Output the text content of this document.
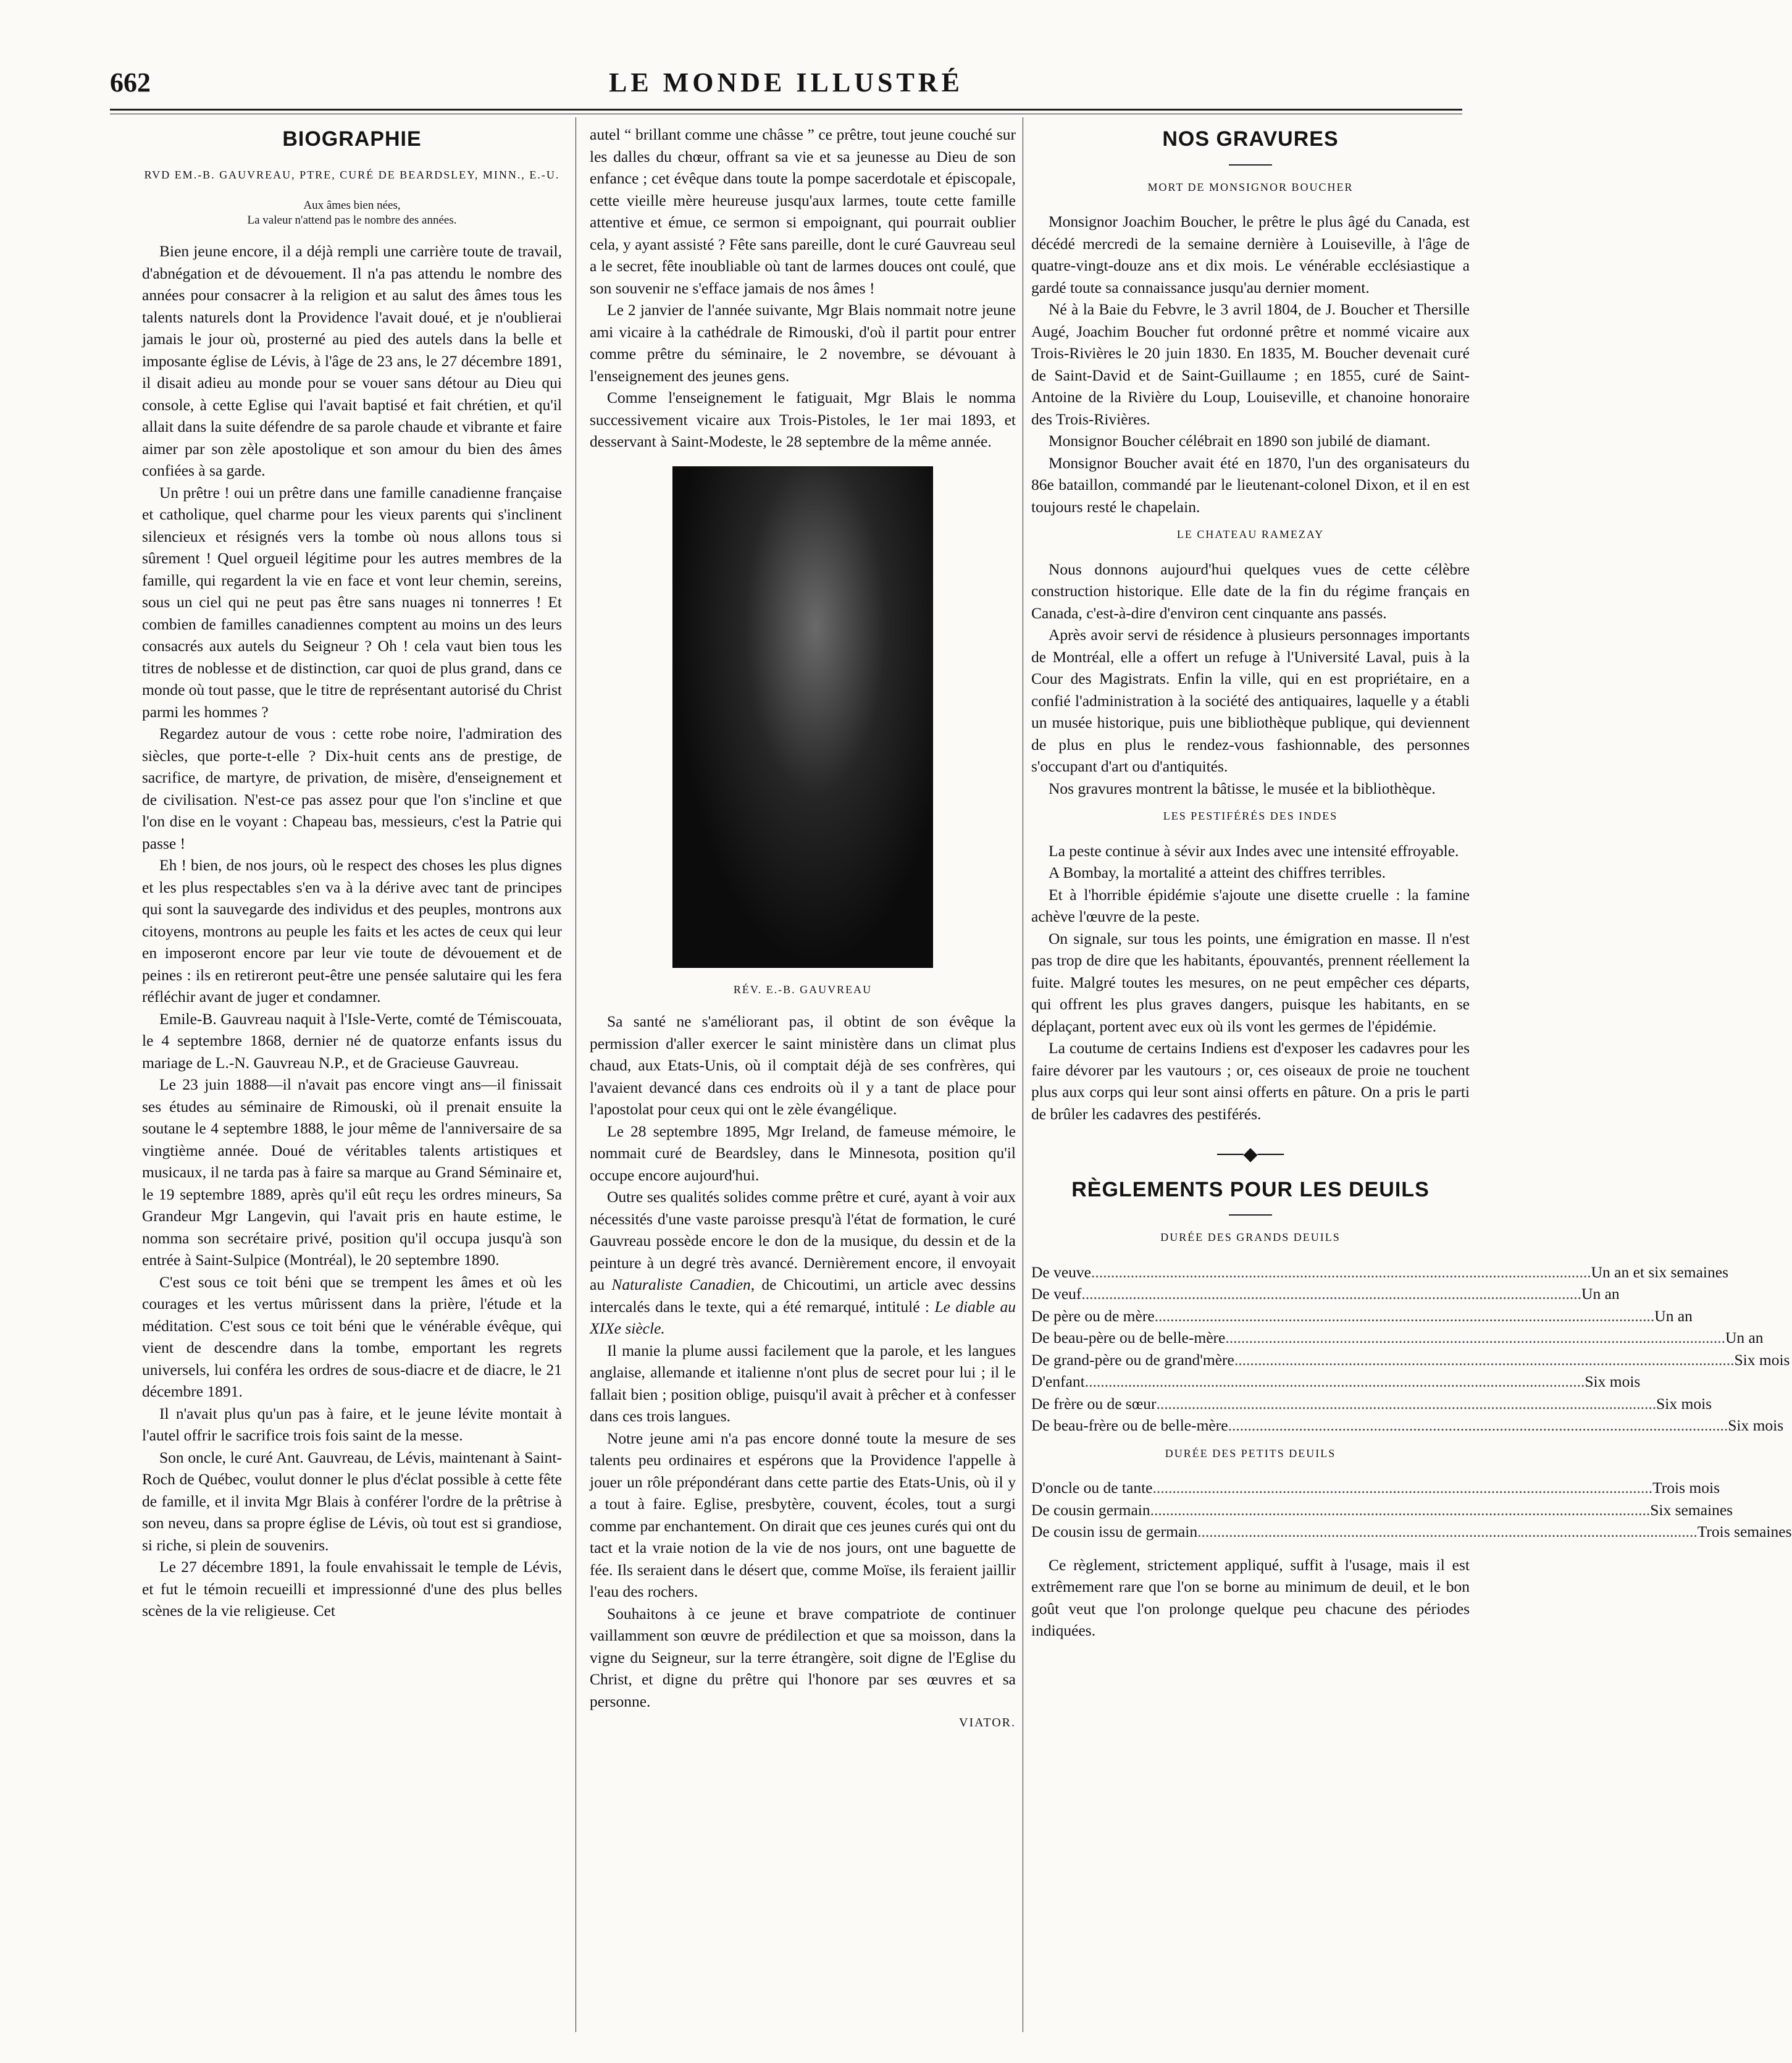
662	LE MONDE ILLUSTRÉ
BIOGRAPHIE
RVD EM.-B. GAUVREAU, PTRE, CURÉ DE BEARDSLEY, MINN., E.-U.
Aux âmes bien nées,
La valeur n'attend pas le nombre des années.

Bien jeune encore, il a déjà rempli une carrière toute de travail, d'abnégation et de dévouement. Il n'a pas attendu le nombre des années pour consacrer à la religion et au salut des âmes tous les talents naturels dont la Providence l'avait doué, et je n'oublierai jamais le jour où, prosterné au pied des autels dans la belle et imposante église de Lévis, à l'âge de 23 ans, le 27 décembre 1891, il disait adieu au monde pour se vouer sans détour au Dieu qui console, à cette Eglise qui l'avait baptisé et fait chrétien, et qu'il allait dans la suite défendre de sa parole chaude et vibrante et faire aimer par son zèle apostolique et son amour du bien des âmes confiées à sa garde.

Un prêtre ! oui un prêtre dans une famille canadienne française et catholique, quel charme pour les vieux parents qui s'inclinent silencieux et résignés vers la tombe où nous allons tous si sûrement ! Quel orgueil légitime pour les autres membres de la famille, qui regardent la vie en face et vont leur chemin, sereins, sous un ciel qui ne peut pas être sans nuages ni tonnerres ! Et combien de familles canadiennes comptent au moins un des leurs consacrés aux autels du Seigneur ? Oh ! cela vaut bien tous les titres de noblesse et de distinction, car quoi de plus grand, dans ce monde où tout passe, que le titre de représentant autorisé du Christ parmi les hommes ?

Regardez autour de vous : cette robe noire, l'admiration des siècles, que porte-t-elle ? Dix-huit cents ans de prestige, de sacrifice, de martyre, de privation, de misère, d'enseignement et de civilisation. N'est-ce pas assez pour que l'on s'incline et que l'on dise en le voyant : Chapeau bas, messieurs, c'est la Patrie qui passe !

Eh ! bien, de nos jours, où le respect des choses les plus dignes et les plus respectables s'en va à la dérive avec tant de principes qui sont la sauvegarde des individus et des peuples, montrons aux citoyens, montrons au peuple les faits et les actes de ceux qui leur en imposeront encore par leur vie toute de dévouement et de peines : ils en retireront peut-être une pensée salutaire qui les fera réfléchir avant de juger et condamner.

Emile-B. Gauvreau naquit à l'Isle-Verte, comté de Témiscouata, le 4 septembre 1868, dernier né de quatorze enfants issus du mariage de L.-N. Gauvreau N.P., et de Gracieuse Gauvreau.

Le 23 juin 1888—il n'avait pas encore vingt ans—il finissait ses études au séminaire de Rimouski, où il prenait ensuite la soutane le 4 septembre 1888, le jour même de l'anniversaire de sa vingtième année. Doué de véritables talents artistiques et musicaux, il ne tarda pas à faire sa marque au Grand Séminaire et, le 19 septembre 1889, après qu'il eût reçu les ordres mineurs, Sa Grandeur Mgr Langevin, qui l'avait pris en haute estime, le nomma son secrétaire privé, position qu'il occupa jusqu'à son entrée à Saint-Sulpice (Montréal), le 20 septembre 1890.

C'est sous ce toit béni que se trempent les âmes et où les courages et les vertus mûrissent dans la prière, l'étude et la méditation. C'est sous ce toit béni que le vénérable évêque, qui vient de descendre dans la tombe, emportant les regrets universels, lui conféra les ordres de sous-diacre et de diacre, le 21 décembre 1891.

Il n'avait plus qu'un pas à faire, et le jeune lévite montait à l'autel offrir le sacrifice trois fois saint de la messe.

Son oncle, le curé Ant. Gauvreau, de Lévis, maintenant à Saint-Roch de Québec, voulut donner le plus d'éclat possible à cette fête de famille, et il invita Mgr Blais à conférer l'ordre de la prêtrise à son neveu, dans sa propre église de Lévis, où tout est si grandiose, si riche, si plein de souvenirs.

Le 27 décembre 1891, la foule envahissait le temple de Lévis, et fut le témoin recueilli et impressionné d'une des plus belles scènes de la vie religieuse. Cet

autel “ brillant comme une châsse ” ce prêtre, tout jeune couché sur les dalles du chœur, offrant sa vie et sa jeunesse au Dieu de son enfance ; cet évêque dans toute la pompe sacerdotale et épiscopale, cette vieille mère heureuse jusqu'aux larmes, toute cette famille attentive et émue, ce sermon si empoignant, qui pourrait oublier cela, y ayant assisté ? Fête sans pareille, dont le curé Gauvreau seul a le secret, fête inoubliable où tant de larmes douces ont coulé, que son souvenir ne s'efface jamais de nos âmes !

Le 2 janvier de l'année suivante, Mgr Blais nommait notre jeune ami vicaire à la cathédrale de Rimouski, d'où il partit pour entrer comme prêtre du séminaire, le 2 novembre, se dévouant à l'enseignement des jeunes gens.

Comme l'enseignement le fatiguait, Mgr Blais le nomma successivement vicaire aux Trois-Pistoles, le 1er mai 1893, et desservant à Saint-Modeste, le 28 septembre de la même année.

RÉV. E.-B. GAUVREAU

Sa santé ne s'améliorant pas, il obtint de son évêque la permission d'aller exercer le saint ministère dans un climat plus chaud, aux Etats-Unis, où il comptait déjà de ses confrères, qui l'avaient devancé dans ces endroits où il y a tant de place pour l'apostolat pour ceux qui ont le zèle évangélique.

Le 28 septembre 1895, Mgr Ireland, de fameuse mémoire, le nommait curé de Beardsley, dans le Minnesota, position qu'il occupe encore aujourd'hui.

Outre ses qualités solides comme prêtre et curé, ayant à voir aux nécessités d'une vaste paroisse presqu'à l'état de formation, le curé Gauvreau possède encore le don de la musique, du dessin et de la peinture à un degré très avancé. Dernièrement encore, il envoyait au Naturaliste Canadien, de Chicoutimi, un article avec dessins intercalés dans le texte, qui a été remarqué, intitulé : Le diable au XIXe siècle.

Il manie la plume aussi facilement que la parole, et les langues anglaise, allemande et italienne n'ont plus de secret pour lui ; il le fallait bien ; position oblige, puisqu'il avait à prêcher et à confesser dans ces trois langues.

Notre jeune ami n'a pas encore donné toute la mesure de ses talents peu ordinaires et espérons que la Providence l'appelle à jouer un rôle prépondérant dans cette partie des Etats-Unis, où il y a tout à faire. Eglise, presbytère, couvent, écoles, tout a surgi comme par enchantement. On dirait que ces jeunes curés qui ont du tact et la vraie notion de la vie de nos jours, ont une baguette de fée. Ils seraient dans le désert que, comme Moïse, ils feraient jaillir l'eau des rochers.

Souhaitons à ce jeune et brave compatriote de continuer vaillamment son œuvre de prédilection et que sa moisson, dans la vigne du Seigneur, sur la terre étrangère, soit digne de l'Eglise du Christ, et digne du prêtre qui l'honore par ses œuvres et sa personne.

VIATOR.
NOS GRAVURES
MORT DE MONSIGNOR BOUCHER

Monsignor Joachim Boucher, le prêtre le plus âgé du Canada, est décédé mercredi de la semaine dernière à Louiseville, à l'âge de quatre-vingt-douze ans et dix mois. Le vénérable ecclésiastique a gardé toute sa connaissance jusqu'au dernier moment.

Né à la Baie du Febvre, le 3 avril 1804, de J. Boucher et Thersille Augé, Joachim Boucher fut ordonné prêtre et nommé vicaire aux Trois-Rivières le 20 juin 1830. En 1835, M. Boucher devenait curé de Saint-David et de Saint-Guillaume ; en 1855, curé de Saint-Antoine de la Rivière du Loup, Louiseville, et chanoine honoraire des Trois-Rivières.

Monsignor Boucher célébrait en 1890 son jubilé de diamant.

Monsignor Boucher avait été en 1870, l'un des organisateurs du 86e bataillon, commandé par le lieutenant-colonel Dixon, et il en est toujours resté le chapelain.

LE CHATEAU RAMEZAY

Nous donnons aujourd'hui quelques vues de cette célèbre construction historique. Elle date de la fin du régime français en Canada, c'est-à-dire d'environ cent cinquante ans passés.

Après avoir servi de résidence à plusieurs personnages importants de Montréal, elle a offert un refuge à l'Université Laval, puis à la Cour des Magistrats. Enfin la ville, qui en est propriétaire, en a confié l'administration à la société des antiquaires, laquelle y a établi un musée historique, puis une bibliothèque publique, qui deviennent de plus en plus le rendez-vous fashionnable, des personnes s'occupant d'art ou d'antiquités.

Nos gravures montrent la bâtisse, le musée et la bibliothèque.

LES PESTIFÉRÉS DES INDES

La peste continue à sévir aux Indes avec une intensité effroyable.

A Bombay, la mortalité a atteint des chiffres terribles.

Et à l'horrible épidémie s'ajoute une disette cruelle : la famine achève l'œuvre de la peste.

On signale, sur tous les points, une émigration en masse. Il n'est pas trop de dire que les habitants, épouvantés, prennent réellement la fuite. Malgré toutes les mesures, on ne peut empêcher ces départs, qui offrent les plus graves dangers, puisque les habitants, en se déplaçant, portent avec eux où ils vont les germes de l'épidémie.

La coutume de certains Indiens est d'exposer les cadavres pour les faire dévorer par les vautours ; or, ces oiseaux de proie ne touchent plus aux corps qui leur sont ainsi offerts en pâture. On a pris le parti de brûler les cadavres des pestiférés.

──◆──
RÈGLEMENTS POUR LES DEUILS
DURÉE DES GRANDS DEUILS
De veuve .....	Un an et six semaines
De veuf .....	Un an
De père ou de mère .....	Un an
De beau-père ou de belle-mère .....	Un an
De grand-père ou de grand'mère .....	Six mois
D'enfant .....	Six mois
De frère ou de sœur .....	Six mois
De beau-frère ou de belle-mère .....	Six mois
DURÉE DES PETITS DEUILS
D'oncle ou de tante .....	Trois mois
De cousin germain .....	Six semaines
De cousin issu de germain .....	Trois semaines

Ce règlement, strictement appliqué, suffit à l'usage, mais il est extrêmement rare que l'on se borne au minimum de deuil, et le bon goût veut que l'on prolonge quelque peu chacune des périodes indiquées.
